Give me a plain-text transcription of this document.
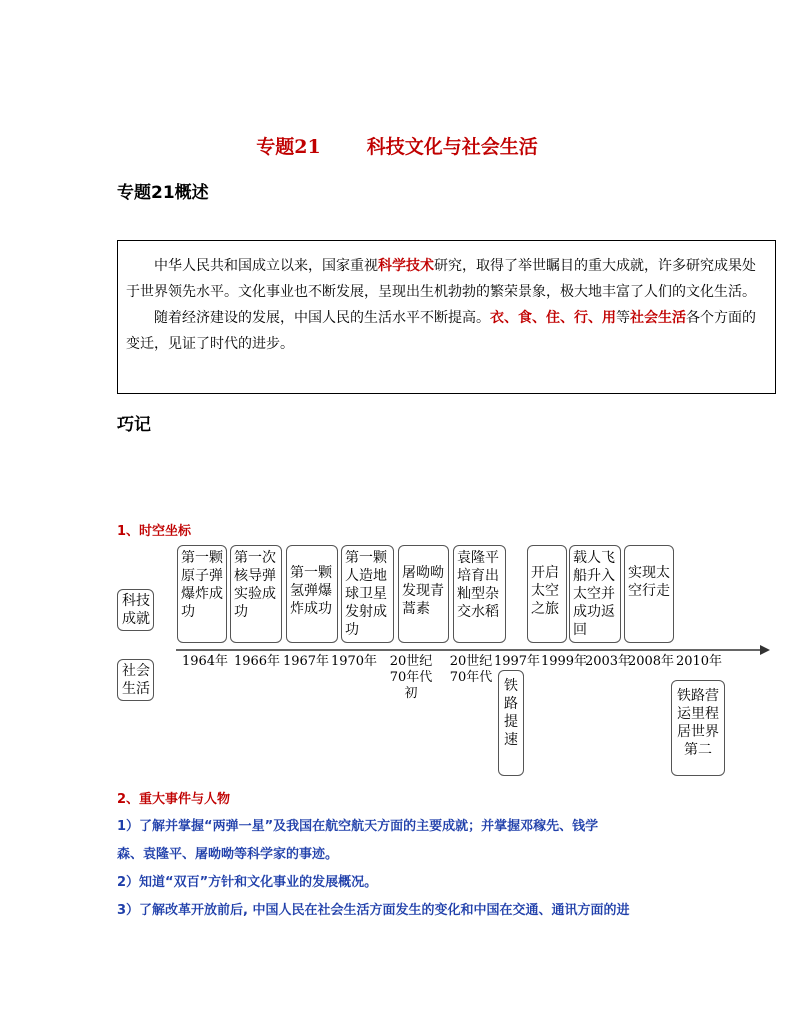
专题21 科技文化与社会生活
专题21概述

中华人民共和国成立以来，国家重视科学技术研究，取得了举世瞩目的重大成就，许多研究成果处于世界领先水平。文化事业也不断发展，呈现出生机勃勃的繁荣景象，极大地丰富了人们的文化生活。

随着经济建设的发展，中国人民的生活水平不断提高。衣、食、住、行、用等社会生活各个方面的变迁，见证了时代的进步。

巧记
1、时空坐标
科技成就
社会生活
第一颗原子弹爆炸成功
第一次核导弹实验成功
第一颗氢弹爆炸成功
第一颗人造地球卫星发射成功
屠呦呦发现青蒿素
袁隆平培育出籼型杂交水稻
开启太空之旅
载人飞船升入太空并成功返回
实现太空行走
1964年 1966年 1967年 1970年 20世纪70年代初
20世纪70年代
1997年 1999年
2003年
2008年 2010年
铁路提速
铁路营运里程居世界第二
2、重大事件与人物
1）了解并掌握“两弹一星”及我国在航空航天方面的主要成就；并掌握邓稼先、钱学
森、袁隆平、屠呦呦等科学家的事迹。
2）知道“双百”方针和文化事业的发展概况。
3）了解改革开放前后, 中国人民在社会生活方面发生的变化和中国在交通、通讯方面的进
